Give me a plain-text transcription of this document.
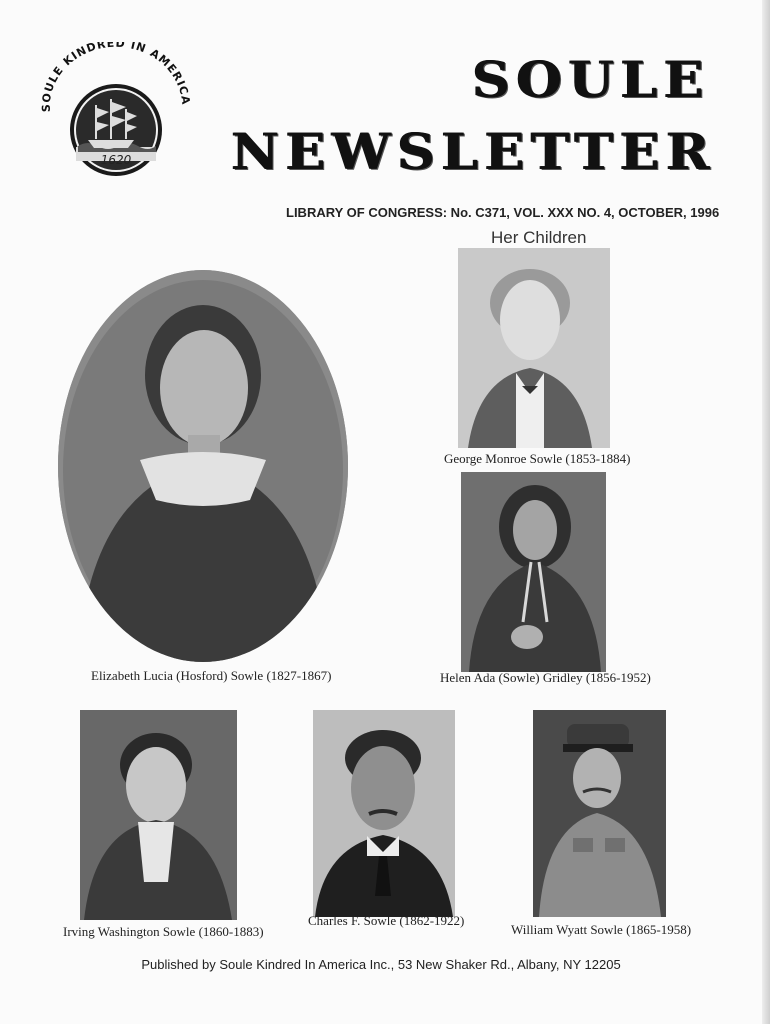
SOULE KINDRED IN AMERICA
1620
SOULE
NEWSLETTER
LIBRARY OF CONGRESS: No. C371, VOL. XXX NO. 4, OCTOBER, 1996
Her Children
Elizabeth Lucia (Hosford) Sowle (1827-1867)
George Monroe Sowle (1853-1884)
Helen Ada (Sowle) Gridley (1856-1952)
Irving Washington Sowle (1860-1883)
Charles F. Sowle (1862-1922)
William Wyatt Sowle (1865-1958)
Published by Soule Kindred In America Inc., 53 New Shaker Rd., Albany, NY 12205
